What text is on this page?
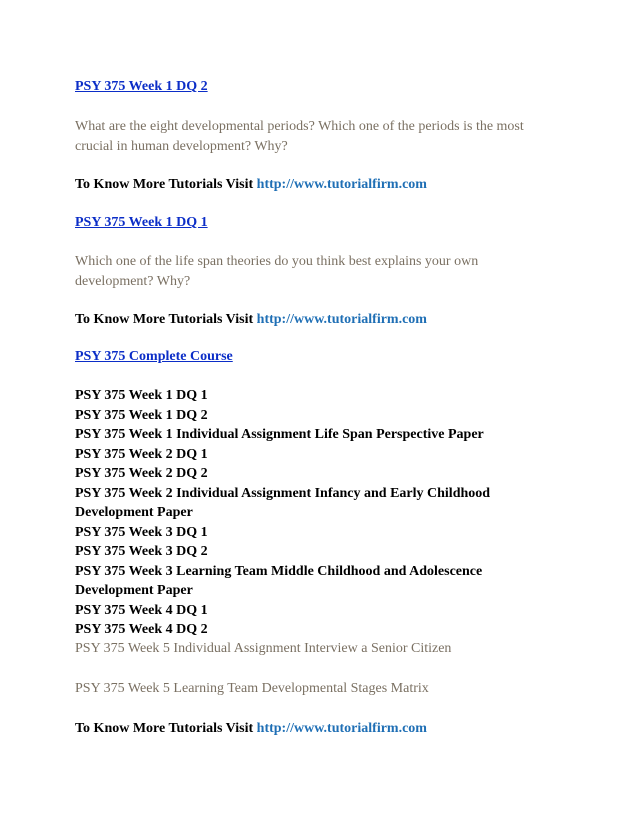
PSY 375 Week 1 DQ 2
What are the eight developmental periods? Which one of the periods is the most
crucial in human development? Why?
To Know More Tutorials Visit http://www.tutorialfirm.com
PSY 375 Week 1 DQ 1
Which one of the life span theories do you think best explains your own
development? Why?
To Know More Tutorials Visit http://www.tutorialfirm.com
PSY 375 Complete Course
PSY 375 Week 1 DQ 1
PSY 375 Week 1 DQ 2
PSY 375 Week 1 Individual Assignment Life Span Perspective Paper
PSY 375 Week 2 DQ 1
PSY 375 Week 2 DQ 2
PSY 375 Week 2 Individual Assignment Infancy and Early Childhood
Development Paper
PSY 375 Week 3 DQ 1
PSY 375 Week 3 DQ 2
PSY 375 Week 3 Learning Team Middle Childhood and Adolescence
Development Paper
PSY 375 Week 4 DQ 1
PSY 375 Week 4 DQ 2
PSY 375 Week 5 Individual Assignment Interview a Senior Citizen
PSY 375 Week 5 Learning Team Developmental Stages Matrix
To Know More Tutorials Visit http://www.tutorialfirm.com
